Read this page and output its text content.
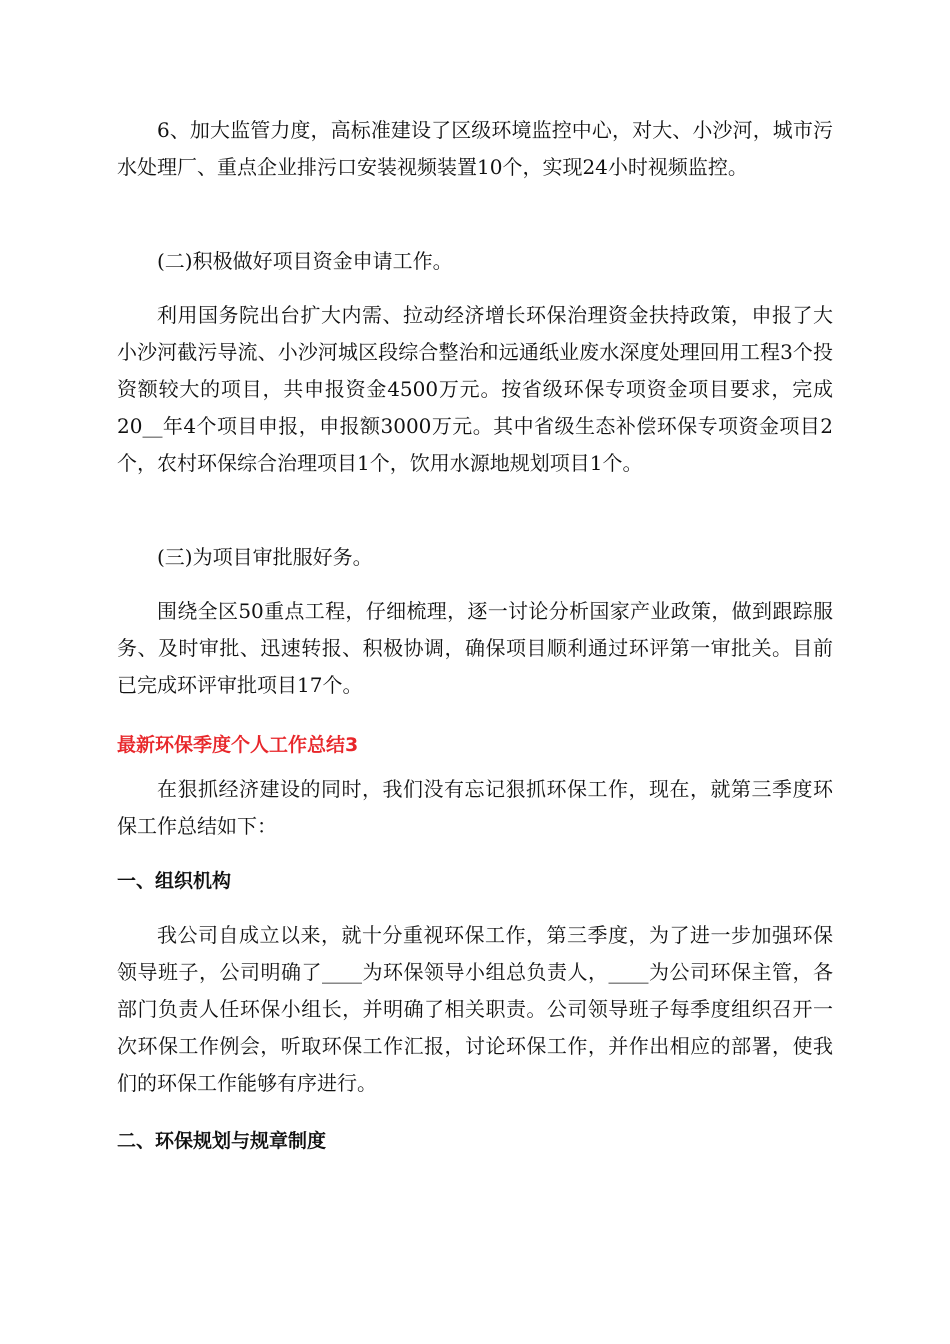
6、加大监管力度，高标准建设了区级环境监控中心，对大、小沙河，城市污水处理厂、重点企业排污口安装视频装置10个，实现24小时视频监控。

(二)积极做好项目资金申请工作。

利用国务院出台扩大内需、拉动经济增长环保治理资金扶持政策，申报了大小沙河截污导流、小沙河城区段综合整治和远通纸业废水深度处理回用工程3个投资额较大的项目，共申报资金4500万元。按省级环保专项资金项目要求，完成20__年4个项目申报，申报额3000万元。其中省级生态补偿环保专项资金项目2个，农村环保综合治理项目1个，饮用水源地规划项目1个。

(三)为项目审批服好务。

围绕全区50重点工程，仔细梳理，逐一讨论分析国家产业政策，做到跟踪服务、及时审批、迅速转报、积极协调，确保项目顺利通过环评第一审批关。目前已完成环评审批项目17个。

最新环保季度个人工作总结3

在狠抓经济建设的同时，我们没有忘记狠抓环保工作，现在，就第三季度环保工作总结如下：

一、组织机构

我公司自成立以来，就十分重视环保工作，第三季度，为了进一步加强环保领导班子，公司明确了____为环保领导小组总负责人，____为公司环保主管，各部门负责人任环保小组长，并明确了相关职责。公司领导班子每季度组织召开一次环保工作例会，听取环保工作汇报，讨论环保工作，并作出相应的部署，使我们的环保工作能够有序进行。

二、环保规划与规章制度
